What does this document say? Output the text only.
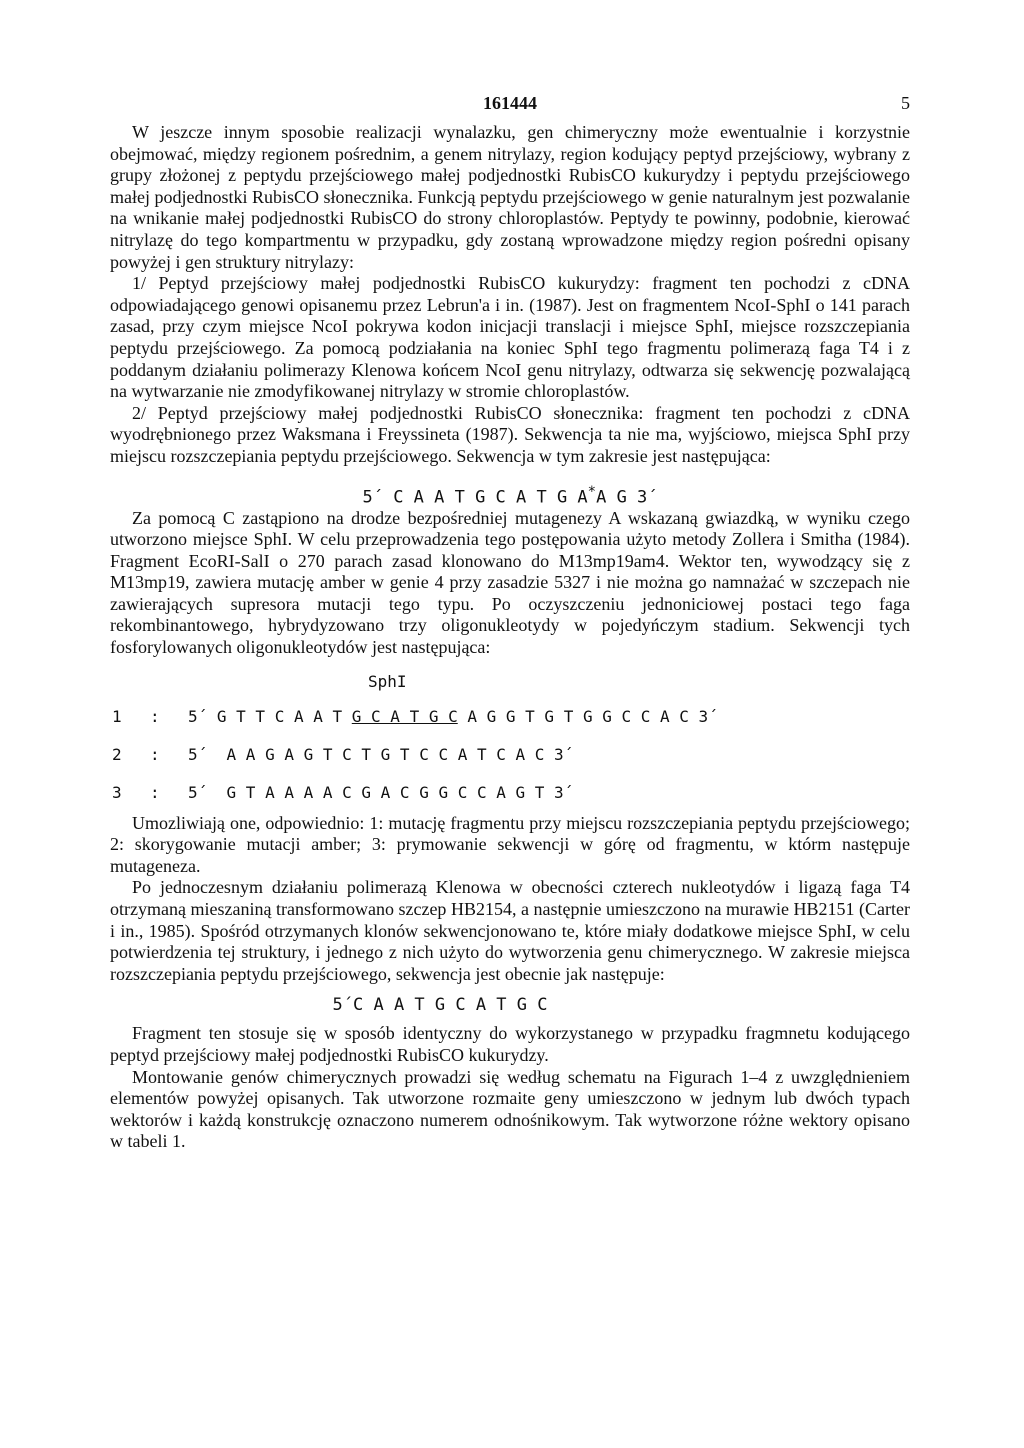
161444	5

W jeszcze innym sposobie realizacji wynalazku, gen chimeryczny może ewentualnie i korzystnie obejmować, między regionem pośrednim, a genem nitrylazy, region kodujący peptyd przejściowy, wybrany z grupy złożonej z peptydu przejściowego małej podjednostki RubisCO kukurydzy i peptydu przejściowego małej podjednostki RubisCO słonecznika. Funkcją peptydu przejściowego w genie naturalnym jest pozwalanie na wnikanie małej podjednostki RubisCO do strony chloroplastów. Peptydy te powinny, podobnie, kierować nitrylazę do tego kompartmentu w przypadku, gdy zostaną wprowadzone między region pośredni opisany powyżej i gen struktury nitrylazy:

1/ Peptyd przejściowy małej podjednostki RubisCO kukurydzy: fragment ten pochodzi z cDNA odpowiadającego genowi opisanemu przez Lebrun'a i in. (1987). Jest on fragmentem NcoI-SphI o 141 parach zasad, przy czym miejsce NcoI pokrywa kodon inicjacji translacji i miejsce SphI, miejsce rozszczepiania peptydu przejściowego. Za pomocą podziałania na koniec SphI tego fragmentu polimerazą faga T4 i z poddanym działaniu polimerazy Klenowa końcem NcoI genu nitrylazy, odtwarza się sekwencję pozwalającą na wytwarzanie nie zmodyfikowanej nitrylazy w stromie chloroplastów.

2/ Peptyd przejściowy małej podjednostki RubisCO słonecznika: fragment ten pochodzi z cDNA wyodrębnionego przez Waksmana i Freyssineta (1987). Sekwencja ta nie ma, wyjściowo, miejsca SphI przy miejscu rozszczepiania peptydu przejściowego. Sekwencja w tym zakresie jest następująca:

5´ C A A T G C A T G A*A G 3´

Za pomocą C zastąpiono na drodze bezpośredniej mutagenezy A wskazaną gwiazdką, w wyniku czego utworzono miejsce SphI. W celu przeprowadzenia tego postępowania użyto metody Zollera i Smitha (1984). Fragment EcoRI-SalI o 270 parach zasad klonowano do M13mp19am4. Wektor ten, wywodzący się z M13mp19, zawiera mutację amber w genie 4 przy zasadzie 5327 i nie można go namnażać w szczepach nie zawierających supresora mutacji tego typu. Po oczyszczeniu jednoniciowej postaci tego faga rekombinantowego, hybrydyzowano trzy oligonukleotydy w pojedyńczym stadium. Sekwencji tych fosforylowanych oligonukleotydów jest następująca:

SphI
1 : 5´ G T T C A A T G C A T G C A G G T G T G G C C A C 3´
2 : 5´  A A G A G T C T G T C C A T C A C 3´
3 : 5´  G T A A A A C G A C G G C C A G T 3´

Umozliwiają one, odpowiednio: 1: mutację fragmentu przy miejscu rozszczepiania peptydu przejściowego; 2: skorygowanie mutacji amber; 3: prymowanie sekwencji w górę od fragmentu, w którm następuje mutageneza.

Po jednoczesnym działaniu polimerazą Klenowa w obecności czterech nukleotydów i ligazą faga T4 otrzymaną mieszaniną transformowano szczep HB2154, a następnie umieszczono na murawie HB2151 (Carter i in., 1985). Spośród otrzymanych klonów sekwencjonowano te, które miały dodatkowe miejsce SphI, w celu potwierdzenia tej struktury, i jednego z nich użyto do wytworzenia genu chimerycznego. W zakresie miejsca rozszczepiania peptydu przejściowego, sekwencja jest obecnie jak następuje:

5´C A A T G C A T G C

Fragment ten stosuje się w sposób identyczny do wykorzystanego w przypadku fragmnetu kodującego peptyd przejściowy małej podjednostki RubisCO kukurydzy.

Montowanie genów chimerycznych prowadzi się według schematu na Figurach 1–4 z uwzględnieniem elementów powyżej opisanych. Tak utworzone rozmaite geny umieszczono w jednym lub dwóch typach wektorów i każdą konstrukcję oznaczono numerem odnośnikowym. Tak wytworzone różne wektory opisano w tabeli 1.
